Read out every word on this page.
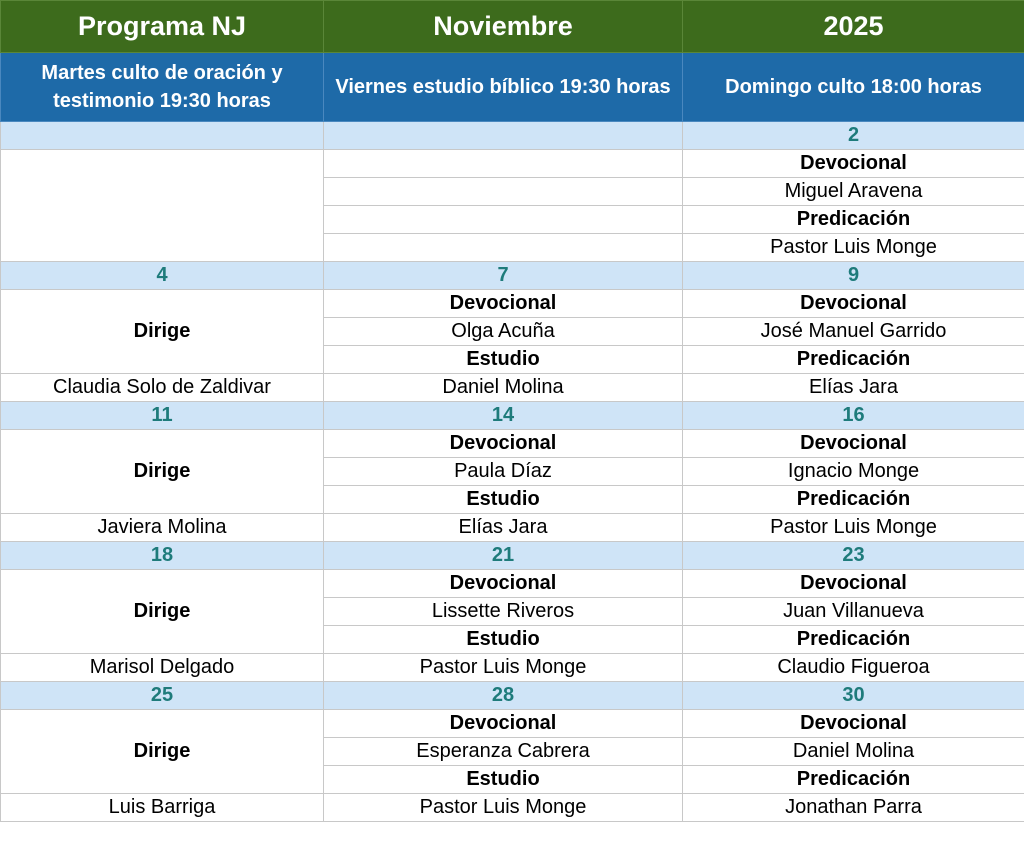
Programa NJ	Noviembre	2025
Martes culto de oración y testimonio 19:30 horas	Viernes estudio bíblico 19:30 horas	Domingo culto 18:00 horas
		2
		Devocional
		Miguel Aravena
		Predicación
		Pastor Luis Monge
4	7	9
Dirige	Devocional	Devocional
	Olga Acuña	José Manuel Garrido
	Estudio	Predicación
Claudia Solo de Zaldivar	Daniel Molina	Elías Jara
11	14	16
Dirige	Devocional	Devocional
	Paula Díaz	Ignacio Monge
	Estudio	Predicación
Javiera Molina	Elías Jara	Pastor Luis Monge
18	21	23
Dirige	Devocional	Devocional
	Lissette Riveros	Juan Villanueva
	Estudio	Predicación
Marisol Delgado	Pastor Luis Monge	Claudio Figueroa
25	28	30
Dirige	Devocional	Devocional
	Esperanza Cabrera	Daniel Molina
	Estudio	Predicación
Luis Barriga	Pastor Luis Monge	Jonathan Parra
